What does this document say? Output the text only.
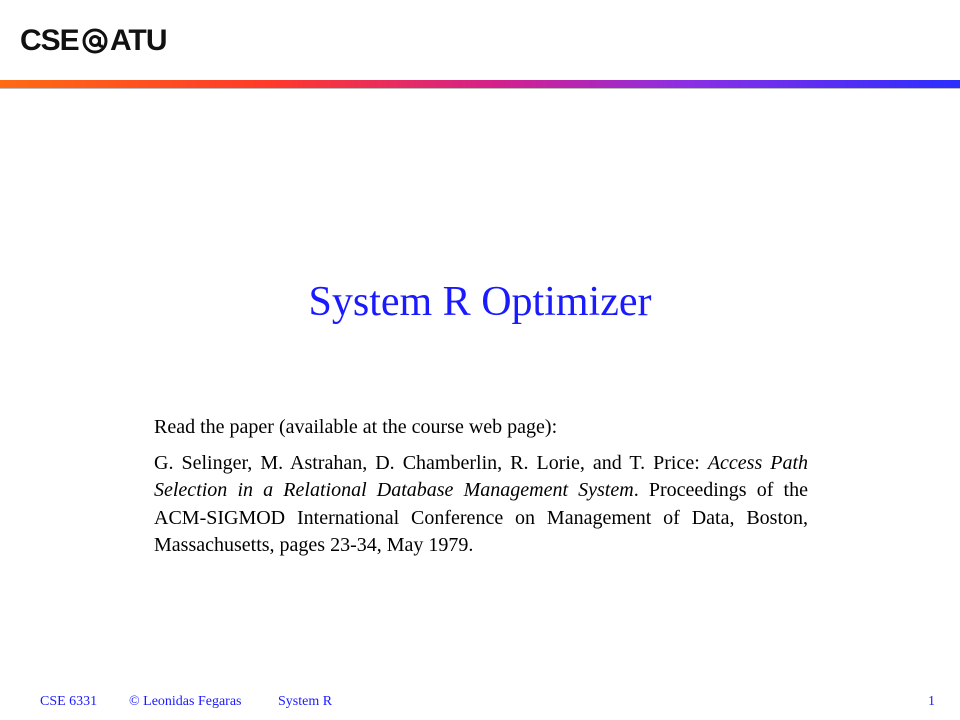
CSE UTA
System R Optimizer

Read the paper (available at the course web page):

G. Selinger, M. Astrahan, D. Chamberlin, R. Lorie, and T. Price: Access Path Selection in a Relational Database Management System. Proceedings of the ACM-SIGMOD International Conference on Management of Data, Boston, Massachusetts, pages 23-34, May 1979.

CSE 6331 © Leonidas Fegaras	System R	1
